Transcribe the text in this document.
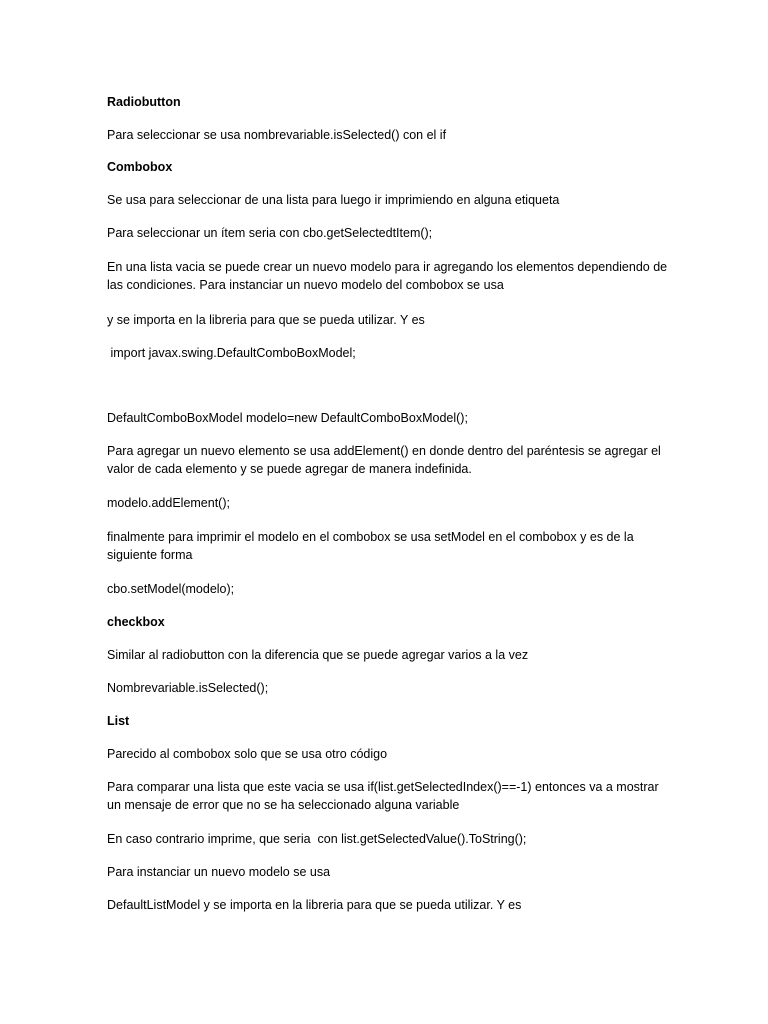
Radiobutton

Para seleccionar se usa nombrevariable.isSelected() con el if

Combobox

Se usa para seleccionar de una lista para luego ir imprimiendo en alguna etiqueta

Para seleccionar un ítem seria con cbo.getSelectedtItem();

En una lista vacia se puede crear un nuevo modelo para ir agregando los elementos dependiendo de las condiciones. Para instanciar un nuevo modelo del combobox se usa

y se importa en la libreria para que se pueda utilizar. Y es

import javax.swing.DefaultComboBoxModel;

DefaultComboBoxModel modelo=new DefaultComboBoxModel();

Para agregar un nuevo elemento se usa addElement() en donde dentro del paréntesis se agregar el valor de cada elemento y se puede agregar de manera indefinida.

modelo.addElement();

finalmente para imprimir el modelo en el combobox se usa setModel en el combobox y es de la siguiente forma

cbo.setModel(modelo);

checkbox

Similar al radiobutton con la diferencia que se puede agregar varios a la vez

Nombrevariable.isSelected();

List

Parecido al combobox solo que se usa otro código

Para comparar una lista que este vacia se usa if(list.getSelectedIndex()==-1) entonces va a mostrar un mensaje de error que no se ha seleccionado alguna variable

En caso contrario imprime, que seria  con list.getSelectedValue().ToString();

Para instanciar un nuevo modelo se usa

DefaultListModel y se importa en la libreria para que se pueda utilizar. Y es
